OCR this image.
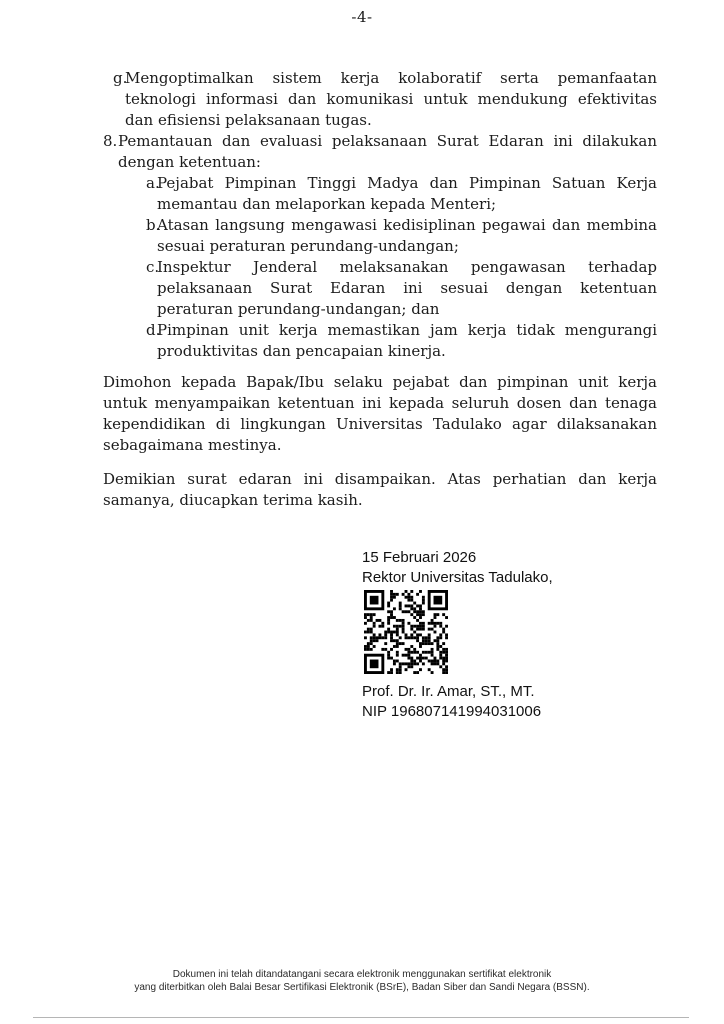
-4-
g.
Mengoptimalkan sistem kerja kolaboratif serta pemanfaatan teknologi informasi dan komunikasi untuk mendukung efektivitas dan efisiensi pelaksanaan tugas.
8. Pemantauan dan evaluasi pelaksanaan Surat Edaran ini dilakukan dengan ketentuan:
a.
Pejabat Pimpinan Tinggi Madya dan Pimpinan Satuan Kerja memantau dan melaporkan kepada Menteri;
b.
Atasan langsung mengawasi kedisiplinan pegawai dan membina sesuai peraturan perundang-undangan;
c.
Inspektur Jenderal melaksanakan pengawasan terhadap pelaksanaan Surat Edaran ini sesuai dengan ketentuan peraturan perundang-undangan; dan
d.
Pimpinan unit kerja memastikan jam kerja tidak mengurangi produktivitas dan pencapaian kinerja.

Dimohon kepada Bapak/Ibu selaku pejabat dan pimpinan unit kerja untuk menyampaikan ketentuan ini kepada seluruh dosen dan tenaga kependidikan di lingkungan Universitas Tadulako agar dilaksanakan sebagaimana mestinya.

Demikian surat edaran ini disampaikan. Atas perhatian dan kerja samanya, diucapkan terima kasih.

15 Februari 2026
Rektor Universitas Tadulako,
Prof. Dr. Ir. Amar, ST., MT.
NIP 196807141994031006
Dokumen ini telah ditandatangani secara elektronik menggunakan sertifikat elektronik
yang diterbitkan oleh Balai Besar Sertifikasi Elektronik (BSrE), Badan Siber dan Sandi Negara (BSSN).
